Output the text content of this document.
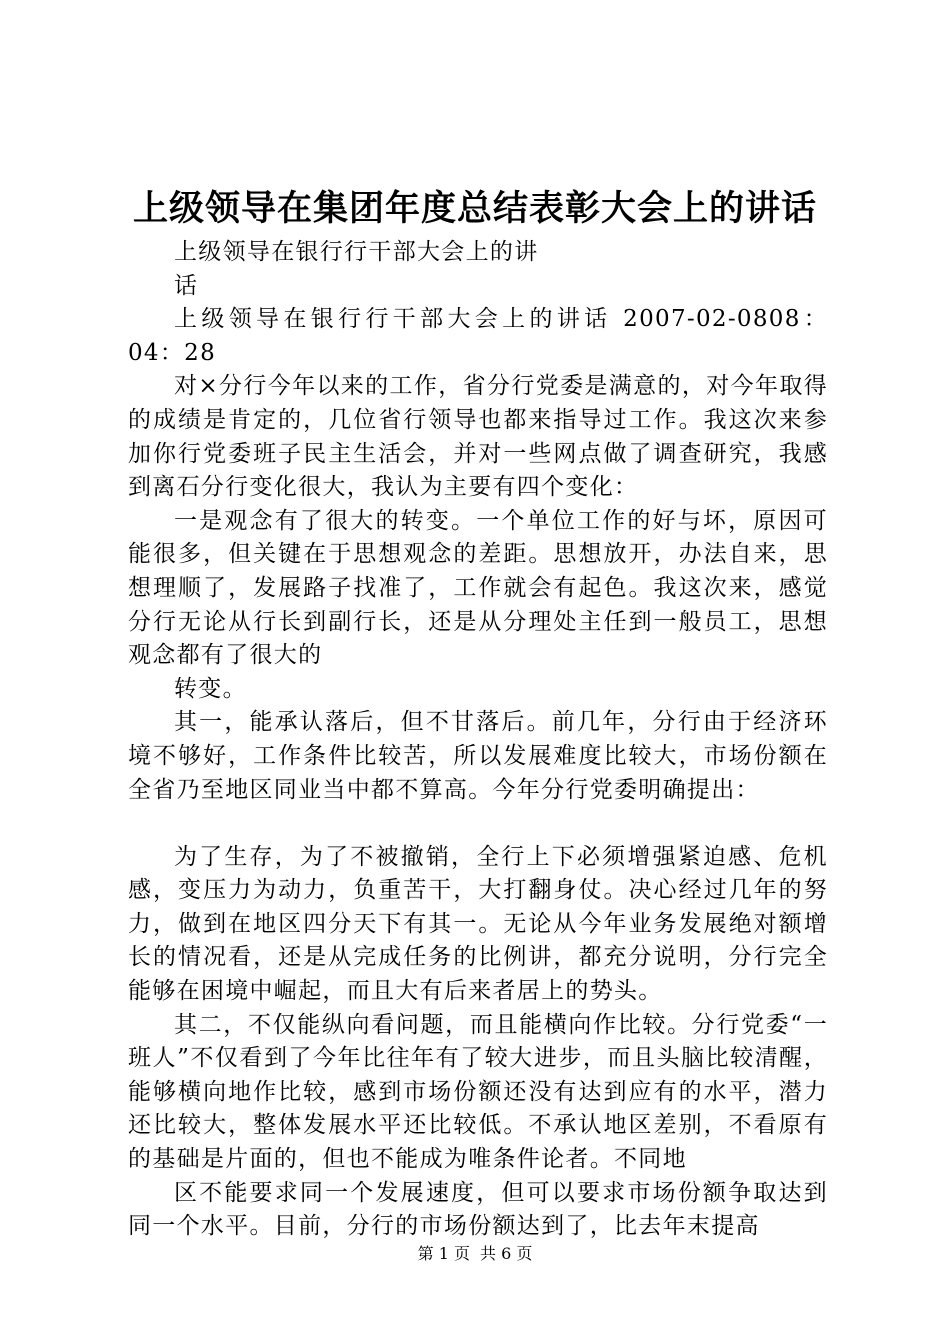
上级领导在集团年度总结表彰大会上的讲话

上级领导在银行行干部大会上的讲

话

上级领导在银行行干部大会上的讲话 2007-02-0808：04：28

对×分行今年以来的工作，省分行党委是满意的，对今年取得的成绩是肯定的，几位省行领导也都来指导过工作。我这次来参加你行党委班子民主生活会，并对一些网点做了调查研究，我感到离石分行变化很大，我认为主要有四个变化：

一是观念有了很大的转变。一个单位工作的好与坏，原因可能很多，但关键在于思想观念的差距。思想放开，办法自来，思想理顺了，发展路子找准了，工作就会有起色。我这次来，感觉分行无论从行长到副行长，还是从分理处主任到一般员工，思想观念都有了很大的

转变。

其一，能承认落后，但不甘落后。前几年，分行由于经济环境不够好，工作条件比较苦，所以发展难度比较大，市场份额在全省乃至地区同业当中都不算高。今年分行党委明确提出：

为了生存，为了不被撤销，全行上下必须增强紧迫感、危机感，变压力为动力，负重苦干，大打翻身仗。决心经过几年的努力，做到在地区四分天下有其一。无论从今年业务发展绝对额增长的情况看，还是从完成任务的比例讲，都充分说明，分行完全能够在困境中崛起，而且大有后来者居上的势头。

其二，不仅能纵向看问题，而且能横向作比较。分行党委“一班人”不仅看到了今年比往年有了较大进步，而且头脑比较清醒，能够横向地作比较，感到市场份额还没有达到应有的水平，潜力还比较大，整体发展水平还比较低。不承认地区差别，不看原有的基础是片面的，但也不能成为唯条件论者。不同地

区不能要求同一个发展速度，但可以要求市场份额争取达到同一个水平。目前，分行的市场份额达到了，比去年末提高

第 1 页 共 6 页
